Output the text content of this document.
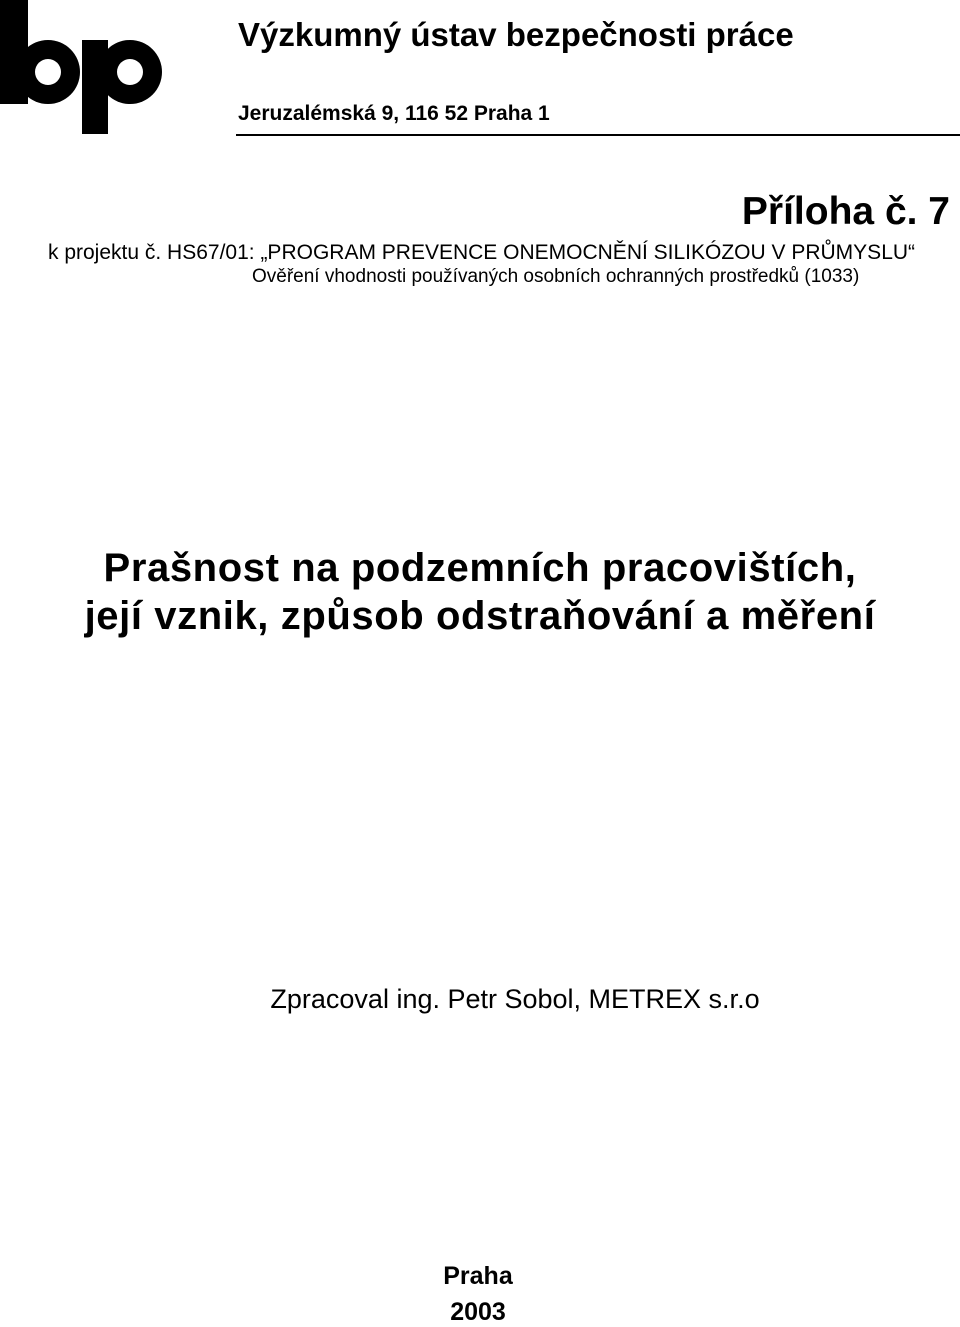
Výzkumný ústav bezpečnosti práce
Jeruzalémská 9, 116 52 Praha 1
Příloha č. 7
k projektu č. HS67/01: „PROGRAM PREVENCE ONEMOCNĚNÍ SILIKÓZOU V PRŮMYSLU“
Ověření vhodnosti používaných osobních ochranných prostředků (1033)
Prašnost na podzemních pracovištích,
její vznik, způsob odstraňování a měření
Zpracoval ing. Petr Sobol, METREX s.r.o
Praha
2003
